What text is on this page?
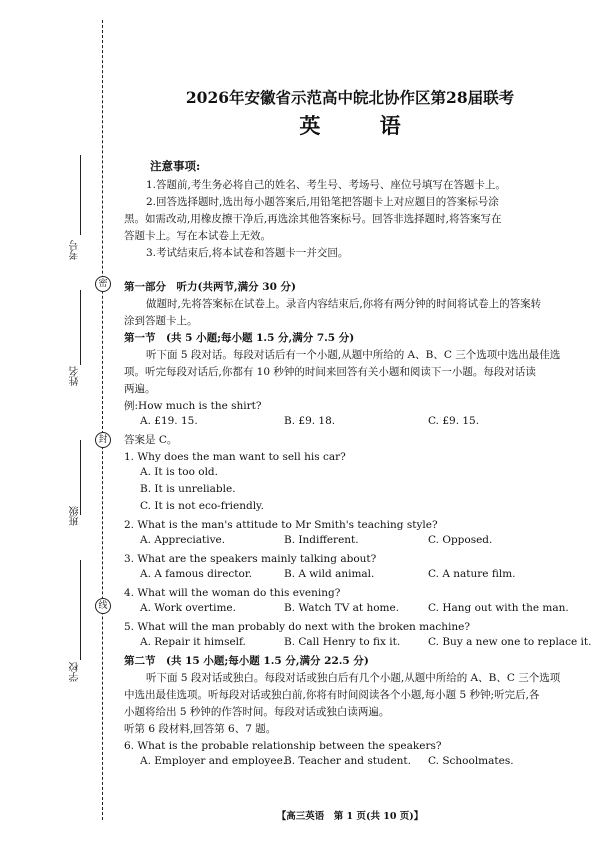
密
封
线
考号
姓名
班级
学校
2026年安徽省示范高中皖北协作区第28届联考
英 语
注意事项:
1.答题前,考生务必将自己的姓名、考生号、考场号、座位号填写在答题卡上。
2.回答选择题时,选出每小题答案后,用铅笔把答题卡上对应题目的答案标号涂
黑。如需改动,用橡皮擦干净后,再选涂其他答案标号。回答非选择题时,将答案写在
答题卡上。写在本试卷上无效。
3.考试结束后,将本试卷和答题卡一并交回。
第一部分　听力(共两节,满分 30 分)
做题时,先将答案标在试卷上。录音内容结束后,你将有两分钟的时间将试卷上的答案转
涂到答题卡上。
第一节　(共 5 小题;每小题 1.5 分,满分 7.5 分)
听下面 5 段对话。每段对话后有一个小题,从题中所给的 A、B、C 三个选项中选出最佳选
项。听完每段对话后,你都有 10 秒钟的时间来回答有关小题和阅读下一小题。每段对话读
两遍。
例:How much is the shirt?
A. £19. 15.	B. £9. 18.	C. £9. 15.
答案是 C。
1. Why does the man want to sell his car?
A. It is too old.
B. It is unreliable.
C. It is not eco-friendly.
2. What is the man's attitude to Mr Smith's teaching style?
A. Appreciative.	B. Indifferent.	C. Opposed.
3. What are the speakers mainly talking about?
A. A famous director.	B. A wild animal.	C. A nature film.
4. What will the woman do this evening?
A. Work overtime.	B. Watch TV at home.	C. Hang out with the man.
5. What will the man probably do next with the broken machine?
A. Repair it himself.	B. Call Henry to fix it.	C. Buy a new one to replace it.
第二节　(共 15 小题;每小题 1.5 分,满分 22.5 分)
听下面 5 段对话或独白。每段对话或独白后有几个小题,从题中所给的 A、B、C 三个选项
中选出最佳选项。听每段对话或独白前,你将有时间阅读各个小题,每小题 5 秒钟;听完后,各
小题将给出 5 秒钟的作答时间。每段对话或独白读两遍。
听第 6 段材料,回答第 6、7 题。
6. What is the probable relationship between the speakers?
A. Employer and employee.
B. Teacher and student. C. Schoolmates.
【高三英语　第 1 页(共 10 页)】
